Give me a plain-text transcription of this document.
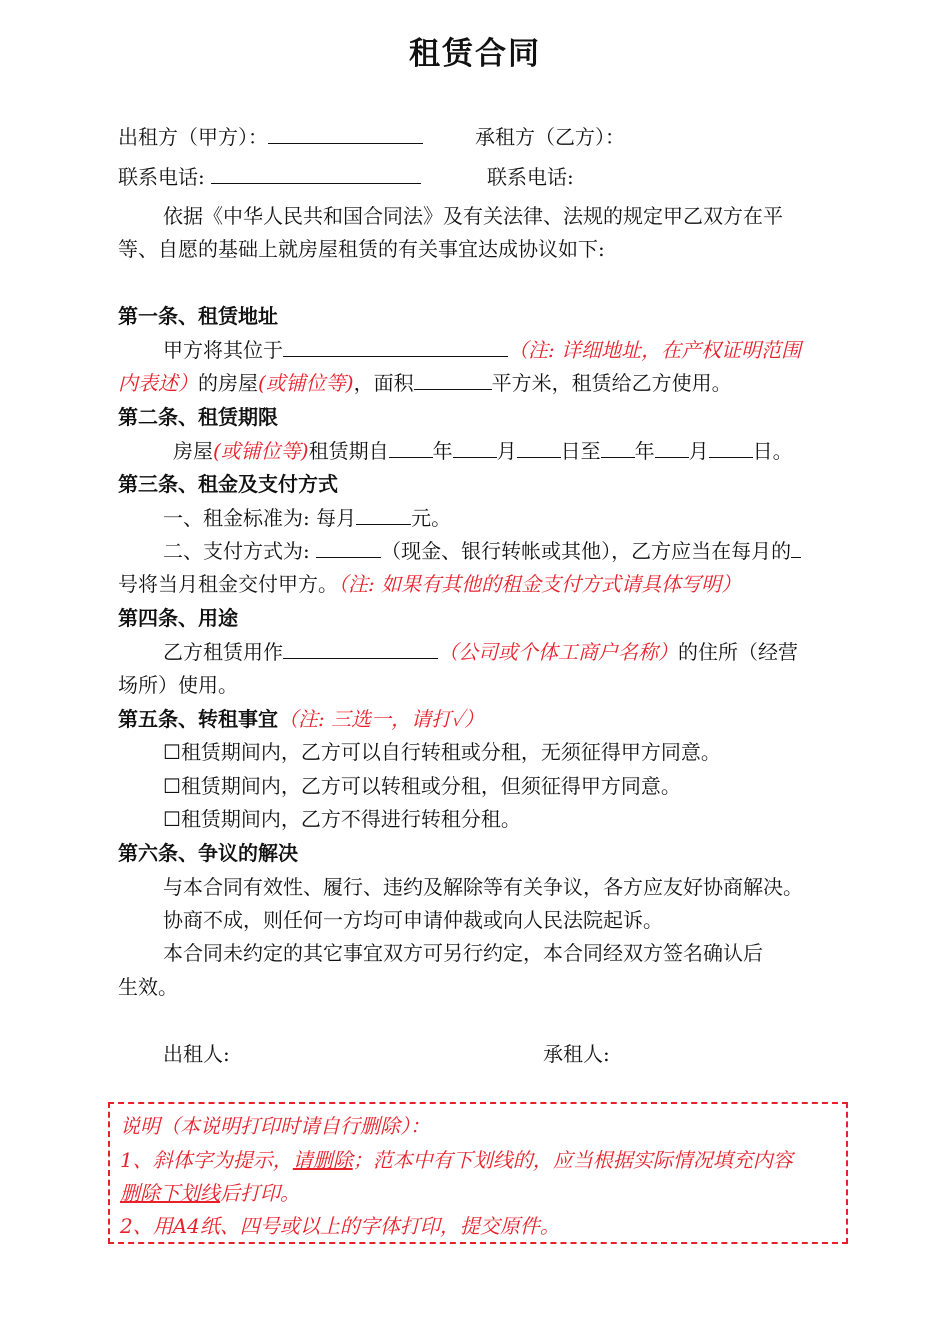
租赁合同
出租方（甲方）：	承租方（乙方）：
联系电话:	联系电话:
依据《中华人民共和国合同法》及有关法律、法规的规定甲乙双方在平
等、自愿的基础上就房屋租赁的有关事宜达成协议如下:
第一条、租赁地址
甲方将其位于	（注: 详细地址，在产权证明范围
内表述）的房屋(或铺位等)，面积	平方米，租赁给乙方使用。
第二条、租赁期限
房屋(或铺位等)租赁期自 年 月 日至 年 月 日。
第三条、租金及支付方式
一、租金标准为: 每月	元。
二、支付方式为:	（现金、银行转帐或其他），乙方应当在每月的
号将当月租金交付甲方。（注: 如果有其他的租金支付方式请具体写明）
第四条、用途
乙方租赁用作	（公司或个体工商户名称）的住所（经营
场所）使用。
第五条、转租事宜（注: 三选一，请打✓）
☐租赁期间内，乙方可以自行转租或分租，无须征得甲方同意。
☐租赁期间内，乙方可以转租或分租，但须征得甲方同意。
☐租赁期间内，乙方不得进行转租分租。
第六条、争议的解决
与本合同有效性、履行、违约及解除等有关争议，各方应友好协商解决。
协商不成，则任何一方均可申请仲裁或向人民法院起诉。
本合同未约定的其它事宜双方可另行约定，本合同经双方签名确认后
生效。
出租人:	承租人:
说明（本说明打印时请自行删除）：
1、斜体字为提示，请删除；范本中有下划线的，应当根据实际情况填充内容
删除下划线后打印。
2、用A4纸、四号或以上的字体打印，提交原件。
